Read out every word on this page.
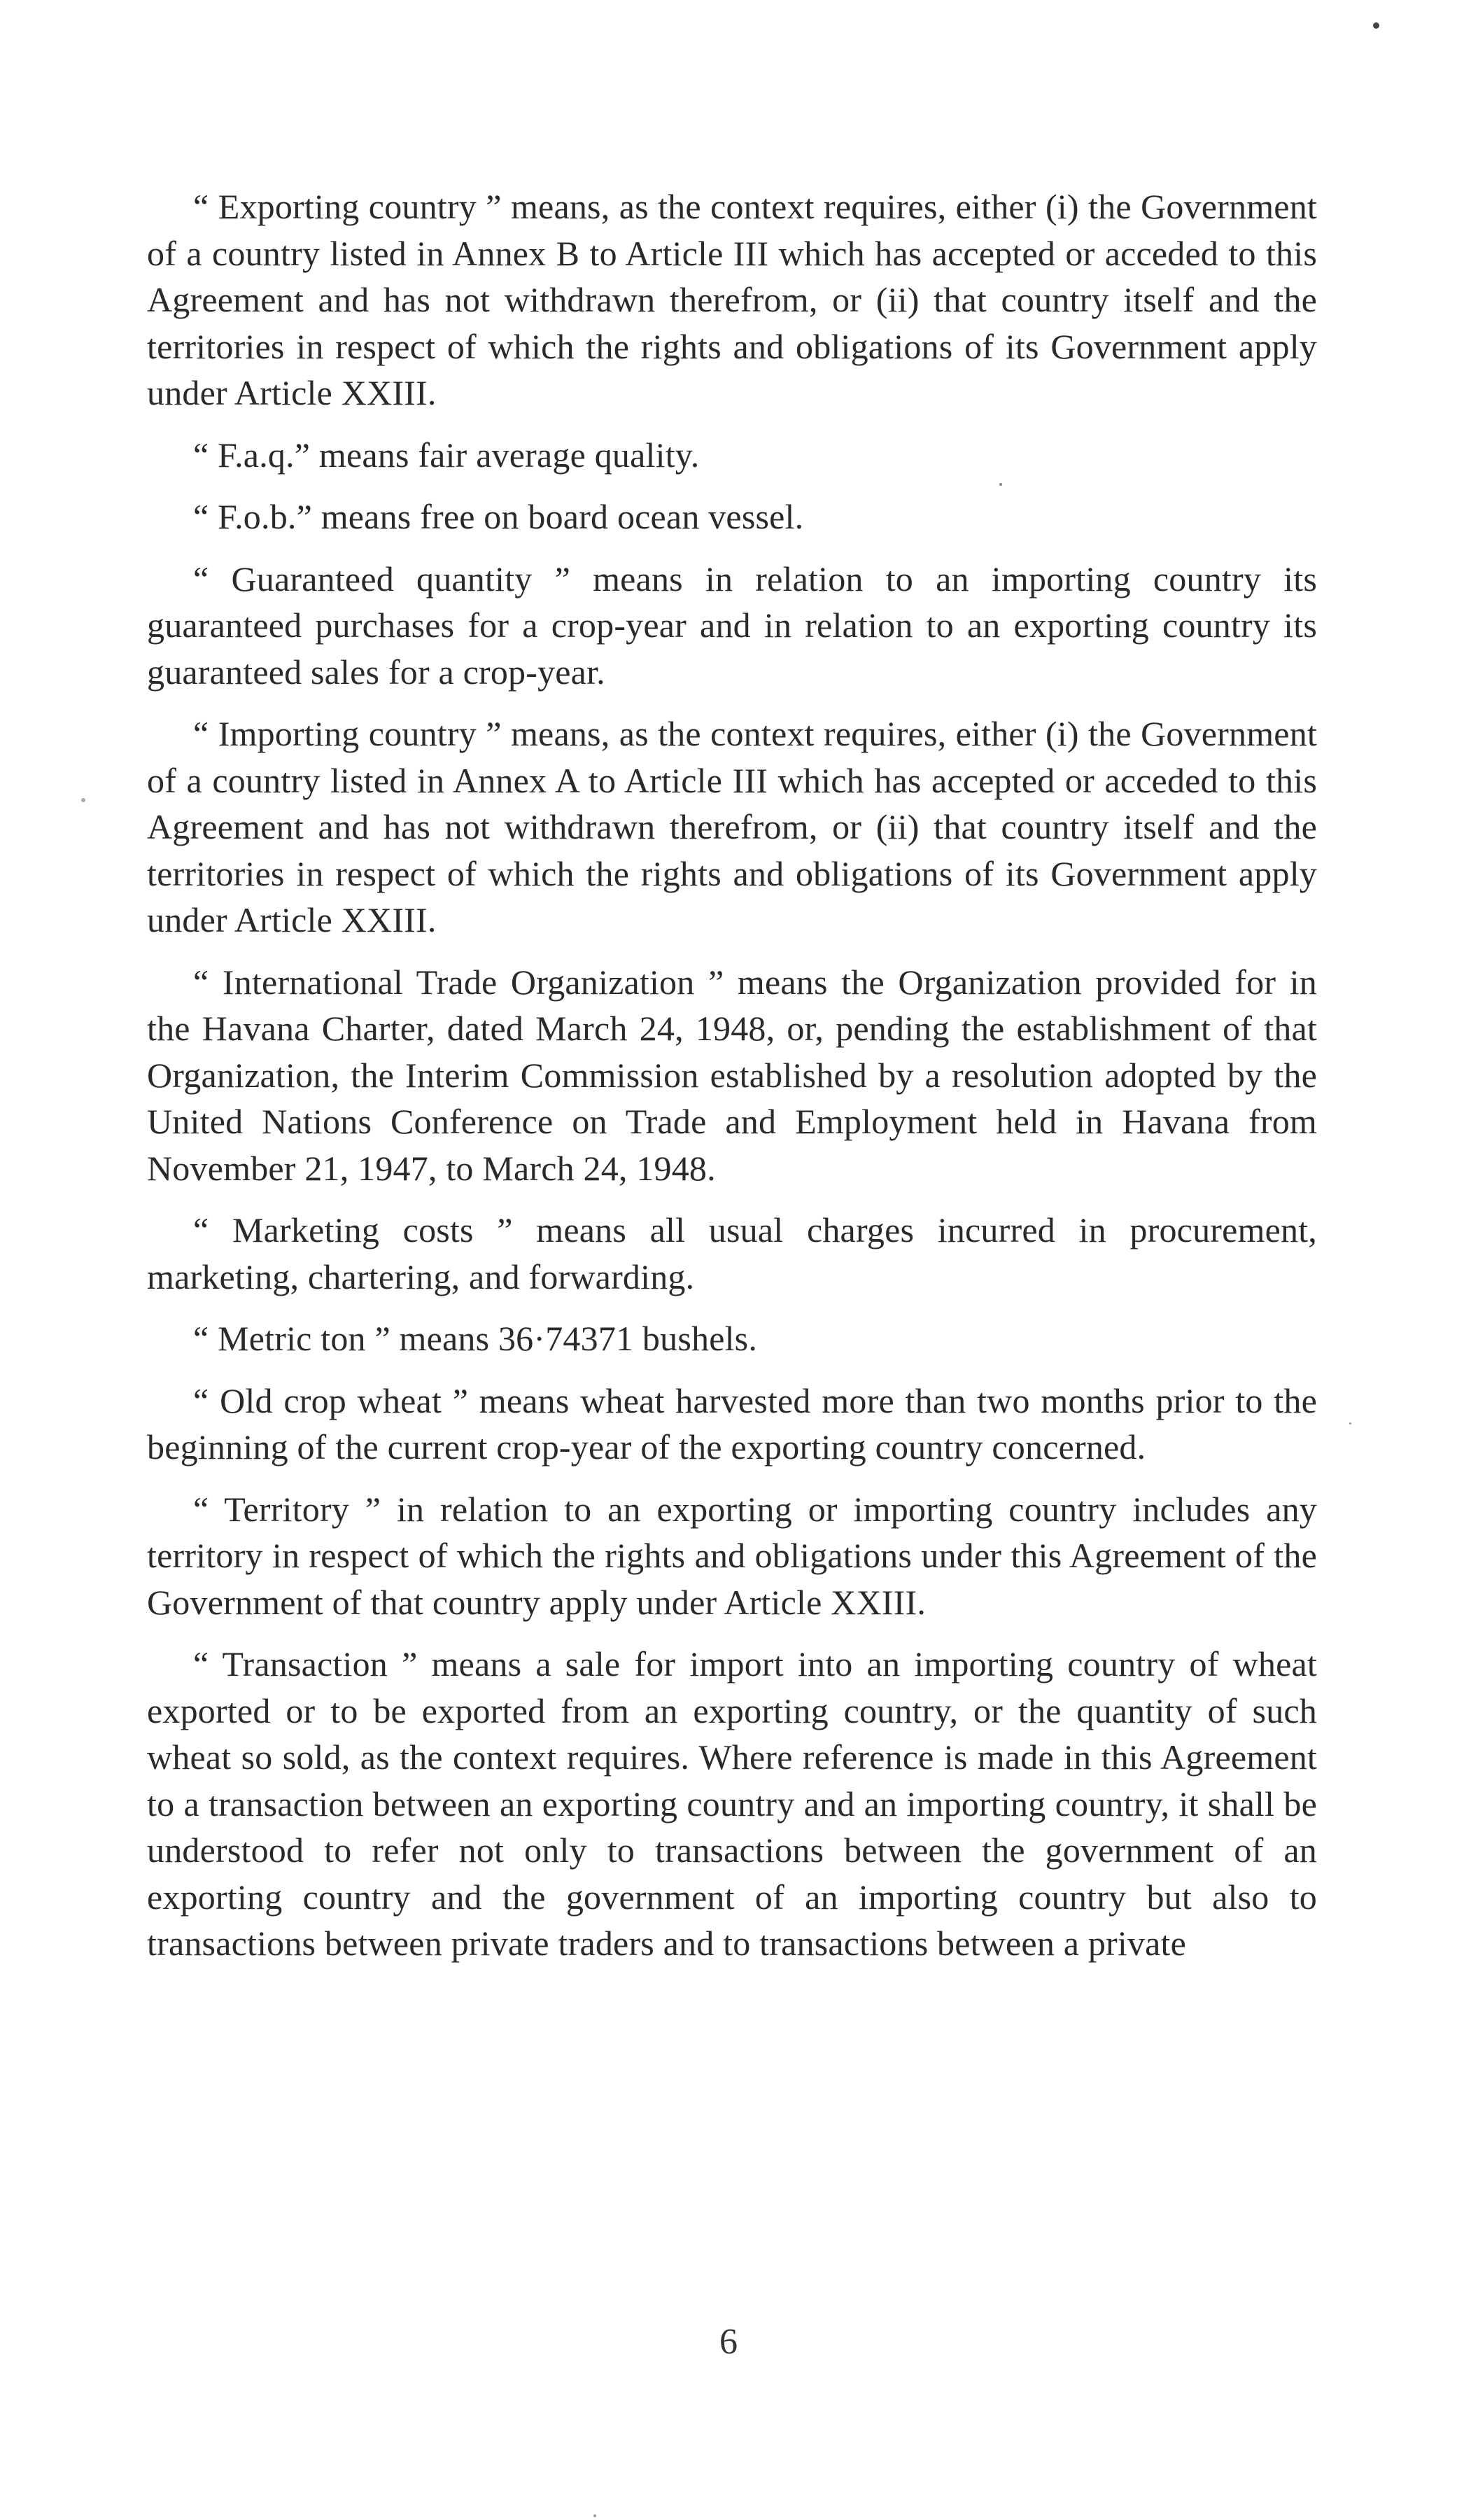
“ Exporting country ” means, as the context requires, either (i) the Government of a country listed in Annex B to Article III which has accepted or acceded to this Agreement and has not withdrawn therefrom, or (ii) that country itself and the territories in respect of which the rights and obligations of its Government apply under Article XXIII.

“ F.a.q.” means fair average quality.

“ F.o.b.” means free on board ocean vessel.

“ Guaranteed quantity ” means in relation to an importing country its guaranteed purchases for a crop-year and in relation to an exporting country its guaranteed sales for a crop-year.

“ Importing country ” means, as the context requires, either (i) the Government of a country listed in Annex A to Article III which has accepted or acceded to this Agreement and has not withdrawn therefrom, or (ii) that country itself and the territories in respect of which the rights and obligations of its Government apply under Article XXIII.

“ International Trade Organization ” means the Organization provided for in the Havana Charter, dated March 24, 1948, or, pending the establishment of that Organization, the Interim Commission established by a resolution adopted by the United Nations Conference on Trade and Employment held in Havana from November 21, 1947, to March 24, 1948.

“ Marketing costs ” means all usual charges incurred in procurement, marketing, chartering, and forwarding.

“ Metric ton ” means 36·74371 bushels.

“ Old crop wheat ” means wheat harvested more than two months prior to the beginning of the current crop-year of the exporting country concerned.

“ Territory ” in relation to an exporting or importing country includes any territory in respect of which the rights and obligations under this Agreement of the Government of that country apply under Article XXIII.

“ Transaction ” means a sale for import into an importing country of wheat exported or to be exported from an exporting country, or the quantity of such wheat so sold, as the context requires. Where reference is made in this Agreement to a transaction between an exporting country and an importing country, it shall be understood to refer not only to transactions between the government of an exporting country and the government of an importing country but also to transactions between private traders and to transactions between a private

6
